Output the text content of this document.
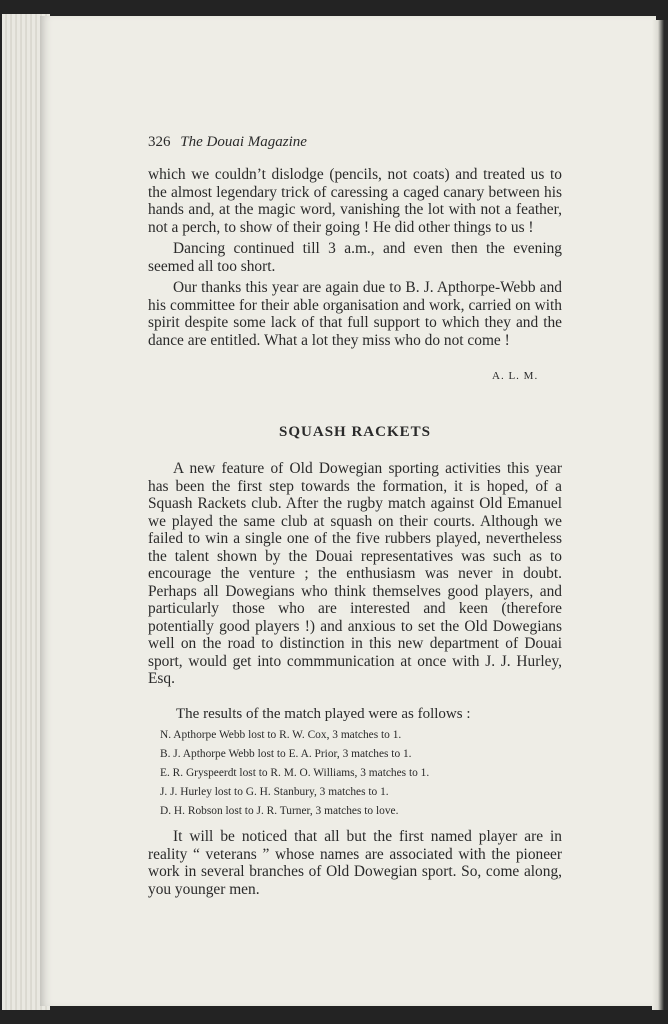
326 The Douai Magazine

which we couldn’t dislodge (pencils, not coats) and treated us to the almost legendary trick of caressing a caged canary between his hands and, at the magic word, vanishing the lot with not a feather, not a perch, to show of their going ! He did other things to us !

Dancing continued till 3 a.m., and even then the evening seemed all too short.

Our thanks this year are again due to B. J. Apthorpe-Webb and his committee for their able organisation and work, carried on with spirit despite some lack of that full support to which they and the dance are entitled. What a lot they miss who do not come !

A. L. M.
SQUASH RACKETS

A new feature of Old Dowegian sporting activities this year has been the first step towards the formation, it is hoped, of a Squash Rackets club. After the rugby match against Old Emanuel we played the same club at squash on their courts. Although we failed to win a single one of the five rubbers played, nevertheless the talent shown by the Douai representatives was such as to encourage the venture ; the enthusiasm was never in doubt. Perhaps all Dowegians who think themselves good players, and particularly those who are interested and keen (therefore potentially good players !) and anxious to set the Old Dowegians well on the road to distinction in this new department of Douai sport, would get into commmunication at once with J. J. Hurley, Esq.

The results of the match played were as follows :
N. Apthorpe Webb lost to R. W. Cox, 3 matches to 1.
B. J. Apthorpe Webb lost to E. A. Prior, 3 matches to 1.
E. R. Gryspeerdt lost to R. M. O. Williams, 3 matches to 1.
J. J. Hurley lost to G. H. Stanbury, 3 matches to 1.
D. H. Robson lost to J. R. Turner, 3 matches to love.

It will be noticed that all but the first named player are in reality “ veterans ” whose names are associated with the pioneer work in several branches of Old Dowegian sport. So, come along, you younger men.
